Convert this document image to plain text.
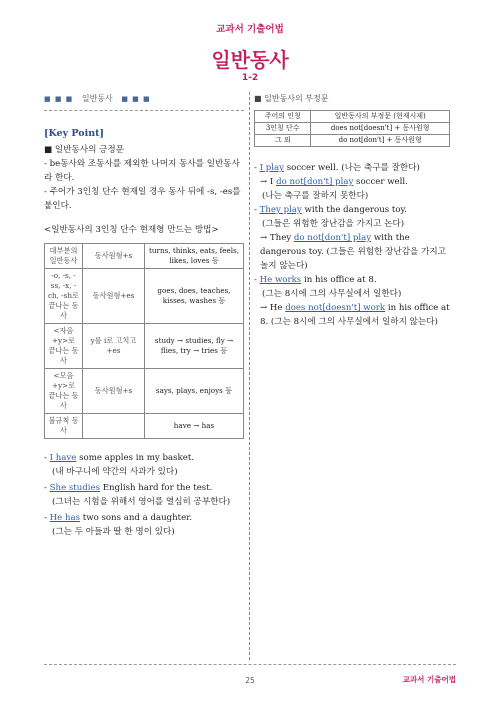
교과서 기출어법
일반동사
1-2
■ ■ ■ 일반동사 ■ ■ ■
[Key Point]
■ 일반동사의 긍정문
- be동사와 조동사를 제외한 나머지 동사를 일반동사라 한다.
- 주어가 3인칭 단수 현재일 경우 동사 뒤에 -s, -es를 붙인다.
<일반동사의 3인칭 단수 현재형 만드는 방법>
대부분의 일반동사	동사원형+s	turns, thinks, eats, feels, likes, loves 등
-o, -s, -ss, -x, -ch, -sh로 끝나는 동사	동사원형+es	goes, does, teaches, kisses, washes 등
<자음+y>로 끝나는 동사	y를 i로 고치고+es	study → studies, fly → flies, try → tries 등
<모음+y>로 끝나는 동사	동사원형+s	says, plays, enjoys 등
불규칙 동사		have → has
- I have some apples in my basket.
(내 바구니에 약간의 사과가 있다)
- She studies English hard for the test.
(그녀는 시험을 위해서 영어를 열심히 공부한다)
- He has two sons and a daughter.
(그는 두 아들과 딸 한 명이 있다)
■ 일반동사의 부정문
주어의 인칭	일반동사의 부정문 (현재시제)
3인칭 단수	does not[doesn't] + 동사원형
그 외	do not[don't] + 동사원형
- I play soccer well. (나는 축구를 잘한다)
→ I do not[don't] play soccer well.
(나는 축구를 잘하지 못한다)
- They play with the dangerous toy.
(그들은 위험한 장난감을 가지고 논다)
→ They do not[don't] play with the dangerous toy. (그들은 위험한 장난감을 가지고 놀지 않는다)
- He works in his office at 8.
(그는 8시에 그의 사무실에서 일한다)
→ He does not[doesn't] work in his office at 8. (그는 8시에 그의 사무실에서 일하지 않는다)
25	교과서 기출어법
